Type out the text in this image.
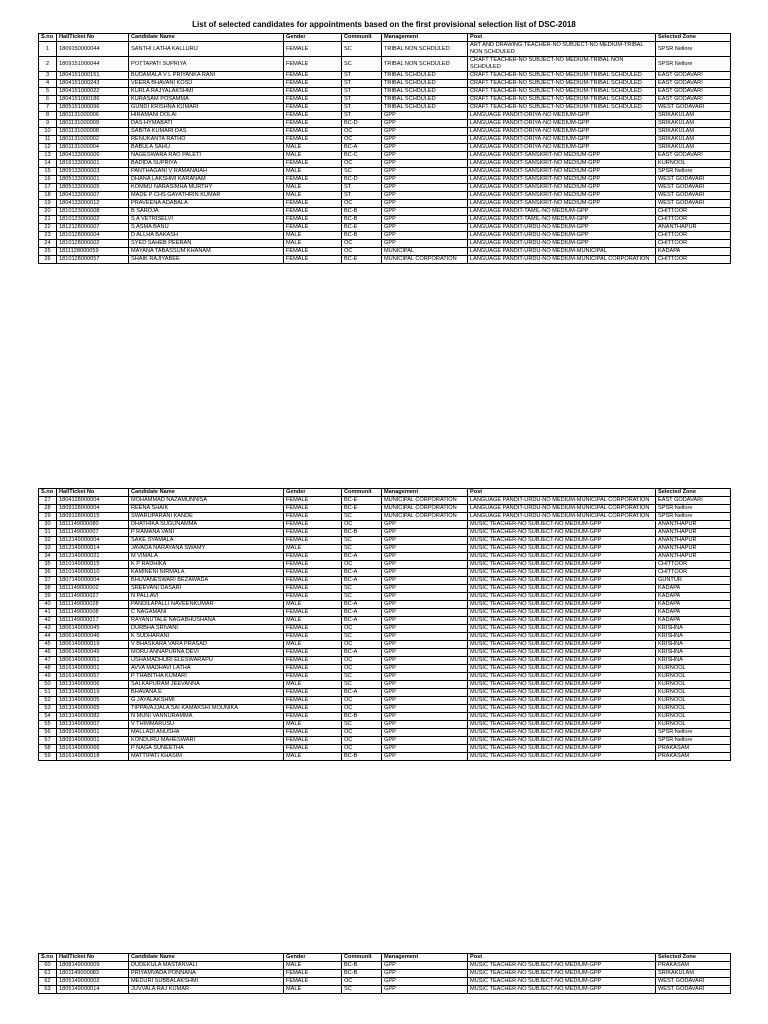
List of selected candidates for appointments based on the first provisional selection list of DSC-2018
S.no	HallTicket No	Candidate Name	Gender	Communit	Management	Post	Selected Zone
1	1809150000044	SANTHI LATHA KALLURU	FEMALE	SC	TRIBAL NON SCHDULED	ART AND DRAWING TEACHER-NO SUBJECT-NO MEDIUM-TRIBAL NON SCHDULED	SPSR Nellore
2	1809151000044	POTTAPATI SUPRIYA	FEMALE	SC	TRIBAL NON SCHDULED	CRAFT TEACHER-NO SUBJECT-NO MEDIUM-TRIBAL NON SCHDULED	SPSR Nellore
3	1804151000151	BUDAMALA V L PRIYANKA RANI	FEMALE	ST	TRIBAL SCHDULED	CRAFT TEACHER-NO SUBJECT-NO MEDIUM-TRIBAL SCHDULED	EAST GODAVARI
4	1804151000243	VEERA BHAVANI KOSU	FEMALE	ST	TRIBAL SCHDULED	CRAFT TEACHER-NO SUBJECT-NO MEDIUM-TRIBAL SCHDULED	EAST GODAVARI
5	1804151000022	KURLA RAJYALAKSHMI	FEMALE	ST	TRIBAL SCHDULED	CRAFT TEACHER-NO SUBJECT-NO MEDIUM-TRIBAL SCHDULED	EAST GODAVARI
6	1804151000186	KURASAM POSAMMA	FEMALE	ST	TRIBAL SCHDULED	CRAFT TEACHER-NO SUBJECT-NO MEDIUM-TRIBAL SCHDULED	EAST GODAVARI
7	1805151000096	GUNDI KRISHNA KUMARI	FEMALE	ST	TRIBAL SCHDULED	CRAFT TEACHER-NO SUBJECT-NO MEDIUM-TRIBAL SCHDULED	WEST GODAVARI
8	1801131000006	HIRAMANI DOLAI	FEMALE	ST	GPP	LANGUAGE PANDIT-ORIYA-NO MEDIUM-GPP	SRIKAKULAM
9	1801131000009	DAS HYMABATI	FEMALE	BC-D	GPP	LANGUAGE PANDIT-ORIYA-NO MEDIUM-GPP	SRIKAKULAM
10	1801131000008	SABITA KUMARI DAS	FEMALE	OC	GPP	LANGUAGE PANDIT-ORIYA-NO MEDIUM-GPP	SRIKAKULAM
11	1801131000002	RENUKANTA RATHO	FEMALE	OC	GPP	LANGUAGE PANDIT-ORIYA-NO MEDIUM-GPP	SRIKAKULAM
12	1801131000004	BABULA SAHU	MALE	BC-A	GPP	LANGUAGE PANDIT-ORIYA-NO MEDIUM-GPP	SRIKAKULAM
13	1804133000006	NAGESWARA RAO PALETI	MALE	BC-C	GPP	LANGUAGE PANDIT-SANSKRIT-NO MEDIUM-GPP	EAST GODAVARI
14	1816133000001	BADIDA SUPRIYA	FEMALE	OC	GPP	LANGUAGE PANDIT-SANSKRIT-NO MEDIUM-GPP	KURNOOL
15	1809133000003	PANTHAGANI V RAMANAIAH	MALE	SC	GPP	LANGUAGE PANDIT-SANSKRIT-NO MEDIUM-GPP	SPSR Nellore
16	1805133000001	DHANA LAKSHMI KARANAM	FEMALE	BC-D	GPP	LANGUAGE PANDIT-SANSKRIT-NO MEDIUM-GPP	WEST GODAVARI
17	1805133000005	KOMMU NARASIMHA MURTHY	MALE	ST	GPP	LANGUAGE PANDIT-SANSKRIT-NO MEDIUM-GPP	WEST GODAVARI
18	1804133000007	MADE P CHS GAYATHRIN KUMAR	MALE	ST	GPP	LANGUAGE PANDIT-SANSKRIT-NO MEDIUM-GPP	WEST GODAVARI
19	1804133000012	PRAVEENA ADABALA	FEMALE	OC	GPP	LANGUAGE PANDIT-SANSKRIT-NO MEDIUM-GPP	WEST GODAVARI
20	1810123000008	B SAROJA	FEMALE	BC-B	GPP	LANGUAGE PANDIT-TAMIL-NO MEDIUM-GPP	CHITTOOR
21	1810123000002	S A VETRISELVI	FEMALE	BC-B	GPP	LANGUAGE PANDIT-TAMIL-NO MEDIUM-GPP	CHITTOOR
22	1812128000007	S ASMA BANU	FEMALE	BC-E	GPP	LANGUAGE PANDIT-URDU-NO MEDIUM-GPP	ANANTHAPUR
23	1810128000004	D ALLHA BAKASH	MALE	BC-B	GPP	LANGUAGE PANDIT-URDU-NO MEDIUM-GPP	CHITTOOR
24	1810128000002	SYED SAHEB PEERAN	MALE	OC	GPP	LANGUAGE PANDIT-URDU-NO MEDIUM-GPP	CHITTOOR
25	1811128000059	MAYANA TABASSUM KHANAM	FEMALE	OC	MUNICIPAL	LANGUAGE PANDIT-URDU-NO MEDIUM-MUNICIPAL	KADAPA
26	1810128000057	SHAIK RAJIYABEE	FEMALE	BC-E	MUNICIPAL CORPORATION	LANGUAGE PANDIT-URDU-NO MEDIUM-MUNICIPAL CORPORATION	CHITTOOR
S.no	HallTicket No	Candidate Name	Gender	Communit	Management	Post	Selected Zone
27	1804128000004	MOHAMMAD NAZAMUNNISA	FEMALE	BC-E	MUNICIPAL CORPORATION	LANGUAGE PANDIT-URDU-NO MEDIUM-MUNICIPAL CORPORATION	EAST GODAVARI
28	1809128000004	REENA SHAIK	FEMALE	BC-E	MUNICIPAL CORPORATION	LANGUAGE PANDIT-URDU-NO MEDIUM-MUNICIPAL CORPORATION	SPSR Nellore
29	1809128000015	SWARUPARANI KANDE	FEMALE	SC	MUNICIPAL CORPORATION	LANGUAGE PANDIT-URDU-NO MEDIUM-MUNICIPAL CORPORATION	SPSR Nellore
30	1811149000080	DHATHIKA SUGUNAMMA	FEMALE	OC	GPP	MUSIC TEACHER-NO SUBJECT-NO MEDIUM-GPP	ANANTHAPUR
31	1811149000007	P RAMANA VANI	FEMALE	BC-B	GPP	MUSIC TEACHER-NO SUBJECT-NO MEDIUM-GPP	ANANTHAPUR
32	1812149000004	SAKE SYAMALA	FEMALE	SC	GPP	MUSIC TEACHER-NO SUBJECT-NO MEDIUM-GPP	ANANTHAPUR
33	1812149000014	JAVADA NARAYANA SWAMY	MALE	SC	GPP	MUSIC TEACHER-NO SUBJECT-NO MEDIUM-GPP	ANANTHAPUR
34	1812149000021	M VIMALA	FEMALE	BC-A	GPP	MUSIC TEACHER-NO SUBJECT-NO MEDIUM-GPP	ANANTHAPUR
35	1810149000015	K P RADHIKA	FEMALE	OC	GPP	MUSIC TEACHER-NO SUBJECT-NO MEDIUM-GPP	CHITTOOR
36	1810149000010	KAMINENI NIRMALA	FEMALE	BC-A	GPP	MUSIC TEACHER-NO SUBJECT-NO MEDIUM-GPP	CHITTOOR
37	1807149000004	BHUVANESWARI BEZAWADA	FEMALE	BC-A	GPP	MUSIC TEACHER-NO SUBJECT-NO MEDIUM-GPP	GUNTUR
38	1811149000002	SREEVANI DASARI	FEMALE	SC	GPP	MUSIC TEACHER-NO SUBJECT-NO MEDIUM-GPP	KADAPA
39	1811149000027	N PALLAVI	FEMALE	SC	GPP	MUSIC TEACHER-NO SUBJECT-NO MEDIUM-GPP	KADAPA
40	1811149000028	PANDILAPALLI NAVEENKUMAR	MALE	BC-A	GPP	MUSIC TEACHER-NO SUBJECT-NO MEDIUM-GPP	KADAPA
41	1811149000008	C NAGAMANI	FEMALE	BC-A	GPP	MUSIC TEACHER-NO SUBJECT-NO MEDIUM-GPP	KADAPA
42	1811149000017	RAYANUTALE NAGABHUSHANA	MALE	BC-A	GPP	MUSIC TEACHER-NO SUBJECT-NO MEDIUM-GPP	KADAPA
43	1806149000045	DURBHA SRIVANI	FEMALE	OC	GPP	MUSIC TEACHER-NO SUBJECT-NO MEDIUM-GPP	KRISHNA
44	1806149000046	K SUDHARANI	FEMALE	SC	GPP	MUSIC TEACHER-NO SUBJECT-NO MEDIUM-GPP	KRISHNA
45	1806149000019	V BHASKARA VARA PRASAD	MALE	OC	GPP	MUSIC TEACHER-NO SUBJECT-NO MEDIUM-GPP	KRISHNA
46	1806149000049	MORU ANNAPURNA DEVI	FEMALE	BC-A	GPP	MUSIC TEACHER-NO SUBJECT-NO MEDIUM-GPP	KRISHNA
47	1806149000051	USHAMADHURI ELESWARAPU	FEMALE	OC	GPP	MUSIC TEACHER-NO SUBJECT-NO MEDIUM-GPP	KRISHNA
48	1816149000001	AVVA MADHAVI LATHA	FEMALE	OC	GPP	MUSIC TEACHER-NO SUBJECT-NO MEDIUM-GPP	KURNOOL
49	1816149000057	P THABITHA KUMARI	FEMALE	SC	GPP	MUSIC TEACHER-NO SUBJECT-NO MEDIUM-GPP	KURNOOL
50	1813149000006	SALKAPURAM JEEVANNA	MALE	SC	GPP	MUSIC TEACHER-NO SUBJECT-NO MEDIUM-GPP	KURNOOL
51	1813149000019	BHAVANA E	FEMALE	BC-A	GPP	MUSIC TEACHER-NO SUBJECT-NO MEDIUM-GPP	KURNOOL
52	1813149000005	G JAYALAKSHMI	FEMALE	OC	GPP	MUSIC TEACHER-NO SUBJECT-NO MEDIUM-GPP	KURNOOL
53	1813149000065	TIPPAVAJJALA SAI KAMAKSHI MOUNIKA	FEMALE	OC	GPP	MUSIC TEACHER-NO SUBJECT-NO MEDIUM-GPP	KURNOOL
54	1813149000082	N MUNI VANNURAMMA	FEMALE	BC-B	GPP	MUSIC TEACHER-NO SUBJECT-NO MEDIUM-GPP	KURNOOL
55	1813149000007	V THIMMARUSU	MALE	SC	GPP	MUSIC TEACHER-NO SUBJECT-NO MEDIUM-GPP	KURNOOL
56	1809149000001	MALLADI ANUSHA	FEMALE	OC	GPP	MUSIC TEACHER-NO SUBJECT-NO MEDIUM-GPP	SPSR Nellore
57	1809149000001	KONDURU MAHESWARI	FEMALE	OC	GPP	MUSIC TEACHER-NO SUBJECT-NO MEDIUM-GPP	SPSR Nellore
58	1816149000066	P NAGA SUNEETHA	FEMALE	OC	GPP	MUSIC TEACHER-NO SUBJECT-NO MEDIUM-GPP	PRAKASAM
59	1816149000018	MATTIPATI KHASIM	MALE	BC-B	GPP	MUSIC TEACHER-NO SUBJECT-NO MEDIUM-GPP	PRAKASAM
S.no	HallTicket No	Candidate Name	Gender	Communit	Management	Post	Selected Zone
60	1808149000009	DUDEKULA MASTANVALI	MALE	BC-B	GPP	MUSIC TEACHER-NO SUBJECT-NO MEDIUM-GPP	PRAKASAM
61	1801149000083	PRIYAMVADA PONNANA	FEMALE	BC-B	GPP	MUSIC TEACHER-NO SUBJECT-NO MEDIUM-GPP	SRIKAKULAM
62	1805149000002	MEDURI SUBBALAKSHMI	FEMALE	OC	GPP	MUSIC TEACHER-NO SUBJECT-NO MEDIUM-GPP	WEST GODAVARI
63	1805149000014	JUVVALA RAJ KUMAR	MALE	SC	GPP	MUSIC TEACHER-NO SUBJECT-NO MEDIUM-GPP	WEST GODAVARI
